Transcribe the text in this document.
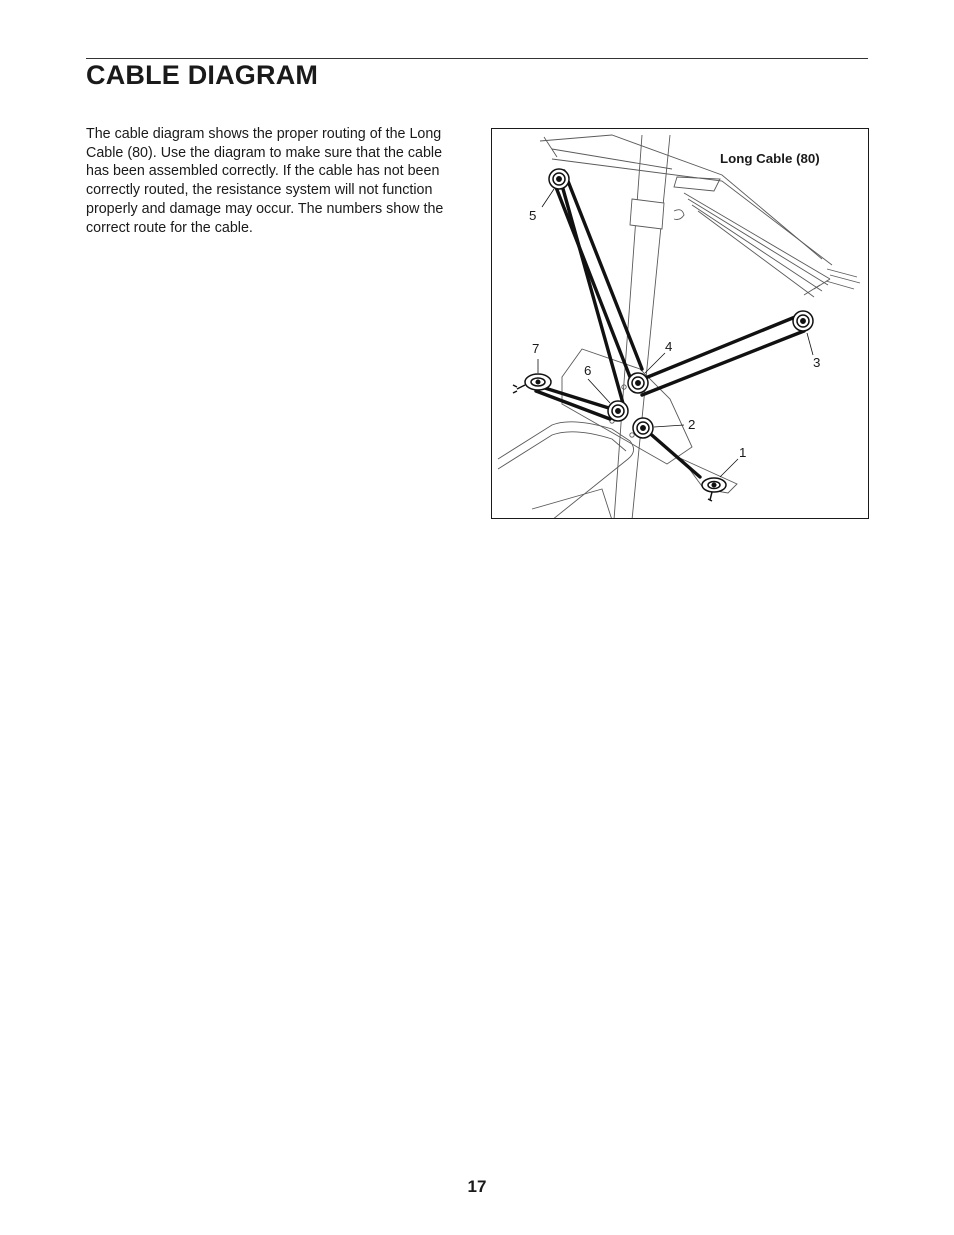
CABLE DIAGRAM

The cable diagram shows the proper routing of the Long Cable (80). Use the diagram to make sure that the cable has been assembled correctly. If the cable has not been correctly routed, the resistance system will not function properly and damage may occur. The numbers show the correct route for the cable.

Long Cable (80)
5
4
3
6
7
2
1

17
